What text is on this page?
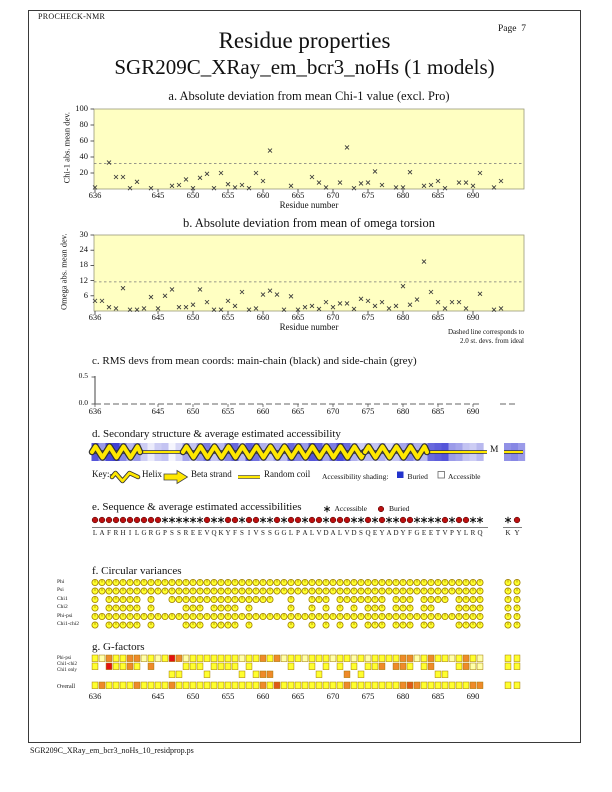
PROCHECK-NMR
Page  7
Residue properties
SGR209C_XRay_em_bcr3_noHs (1 models)
a. Absolute deviation from mean Chi-1 value (excl. Pro)
Chi-1 abs. mean dev.
Residue number
b. Absolute deviation from mean of omega torsion
Omega abs. mean dev.
Residue number	Dashed line corresponds to
2.0 st. devs. from ideal
c. RMS devs from mean coords: main-chain (black) and side-chain (grey)
d. Secondary structure & average estimated accessibility
M
Key:-	Helix	Beta strand	Random coil Accessibility shading:	Buried	Accessible
e. Sequence & average estimated accessibilities	Accessible	Buried
f. Circular variances
Phi
Psi
Chi1
Chi2
Phi-psi
Chi1-chi2
g. G-factors
Phi-psi
Chi1-chi2
Chi1 only
Overall
SGR209C_XRay_em_bcr3_noHs_10_residprop.ps
20
40
60
80
100
636	645	650	655	660	665	670	675	680	685	690
6
12
18
24
30
636	645	650	655	660	665	670	675	680	685	690
0.5
0.0
636	645	650	655	660	665	670	675	680	685	690
L A F R H I L G R G P S S R E E V Q K Y F S I V S S G G L P A L V D A L V D S Q E Y A D Y F G E E T V P Y L R Q	K Y
636	645	650	655	660	665	670	675	680	685	690
